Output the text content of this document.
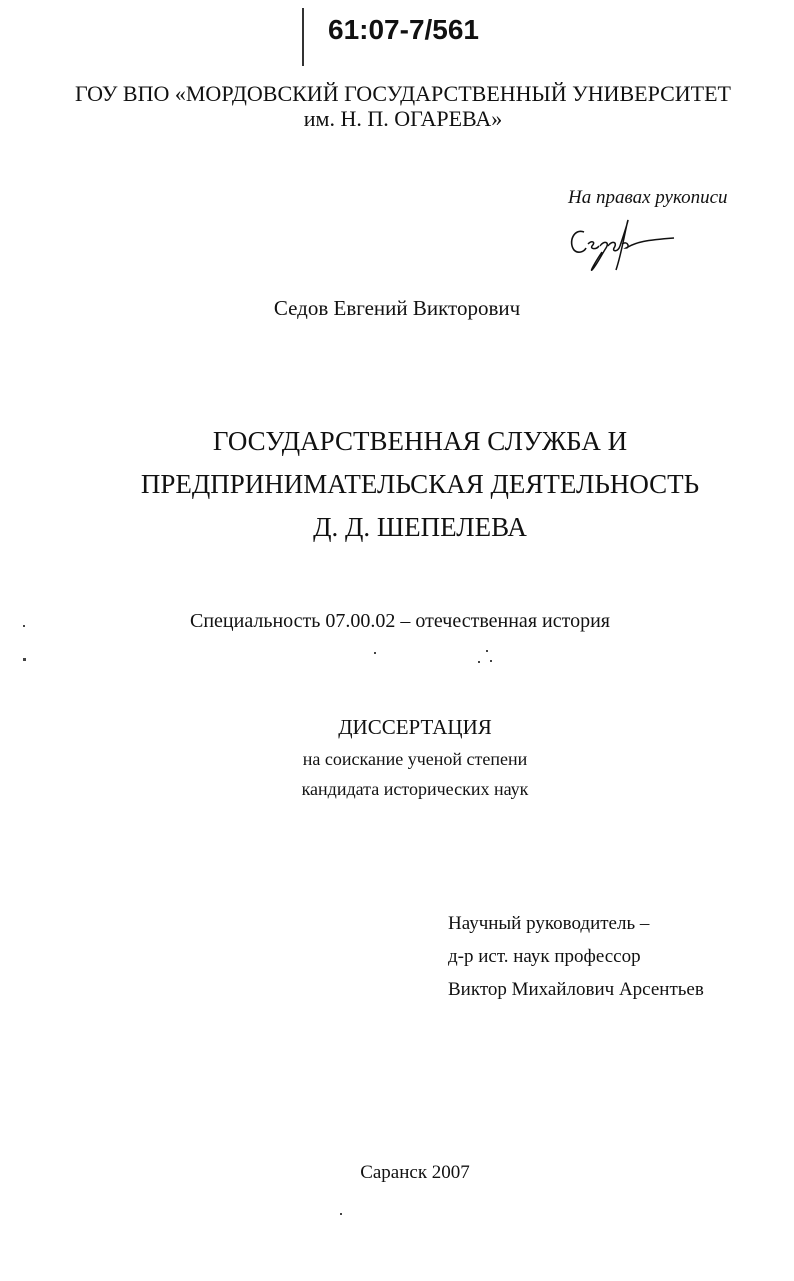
61:07-7/561
ГОУ ВПО «МОРДОВСКИЙ ГОСУДАРСТВЕННЫЙ УНИВЕРСИТЕТ
им. Н. П. ОГАРЕВА»
На правах рукописи
Седов Евгений Викторович
ГОСУДАРСТВЕННАЯ СЛУЖБА И
ПРЕДПРИНИМАТЕЛЬСКАЯ ДЕЯТЕЛЬНОСТЬ
Д. Д. ШЕПЕЛЕВА
Специальность 07.00.02 – отечественная история
ДИССЕРТАЦИЯ
на соискание ученой степени
кандидата исторических наук
Научный руководитель –
д-р ист. наук профессор
Виктор Михайлович Арсентьев
Саранск 2007
